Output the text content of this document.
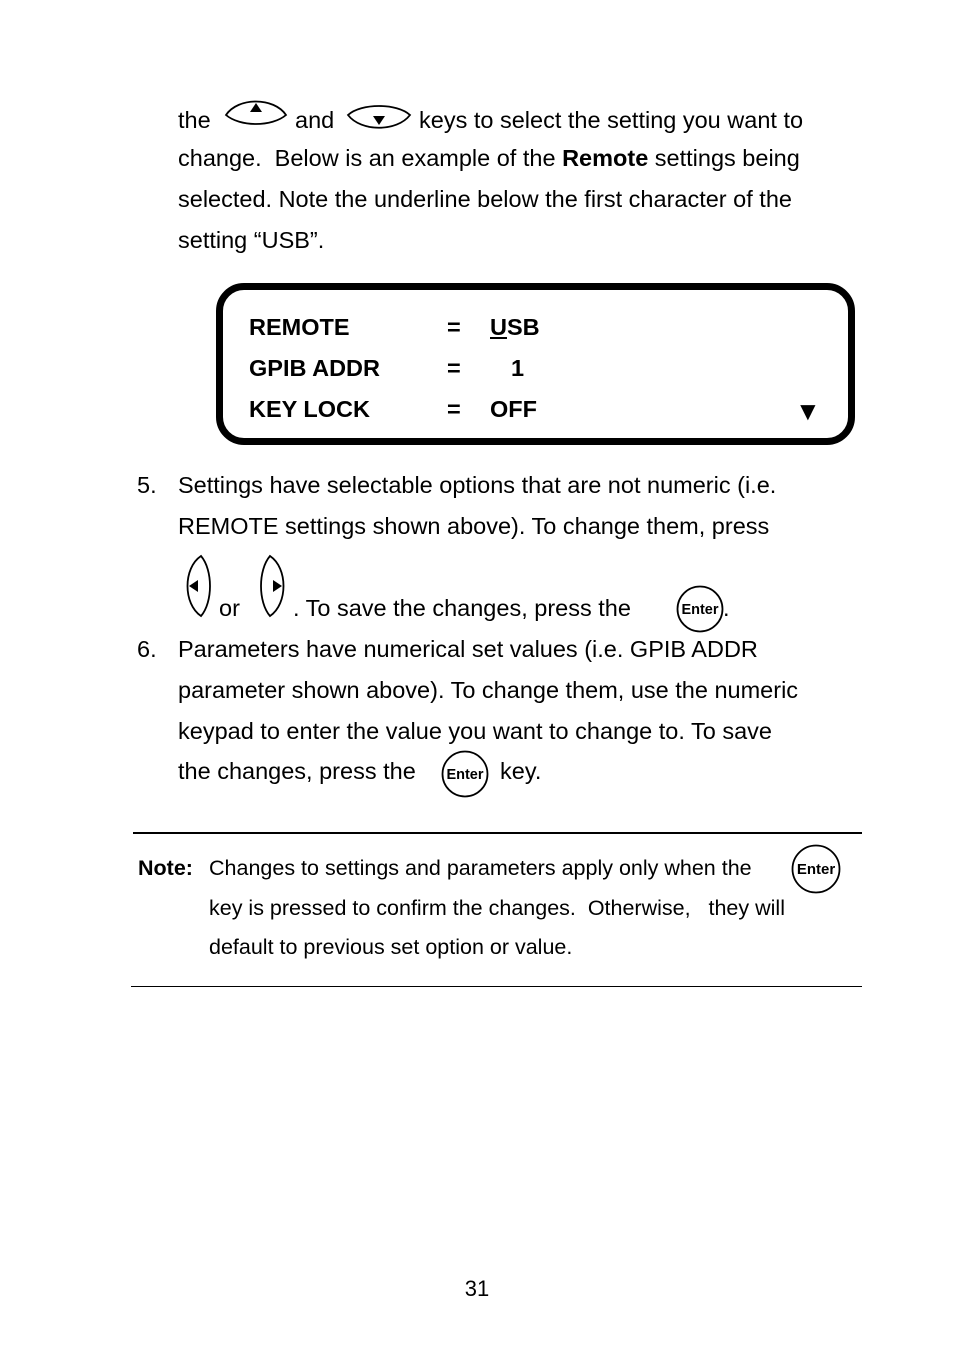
the	and	keys to select the setting you want to
change.  Below is an example of the Remote settings being
selected. Note the underline below the first character of the
setting “USB”.
REMOTE	= USB
GPIB ADDR	= 1
KEY LOCK	= OFF	▼
5. Settings have selectable options that are not numeric (i.e.
REMOTE settings shown above). To change them, press
or . To save the changes, press the	Enter .
6. Parameters have numerical set values (i.e. GPIB ADDR
parameter shown above). To change them, use the numeric
keypad to enter the value you want to change to. To save
the changes, press the Enter key.
Note: Changes to settings and parameters apply only when the	Enter
key is pressed to confirm the changes.  Otherwise,   they will
default to previous set option or value.
31
